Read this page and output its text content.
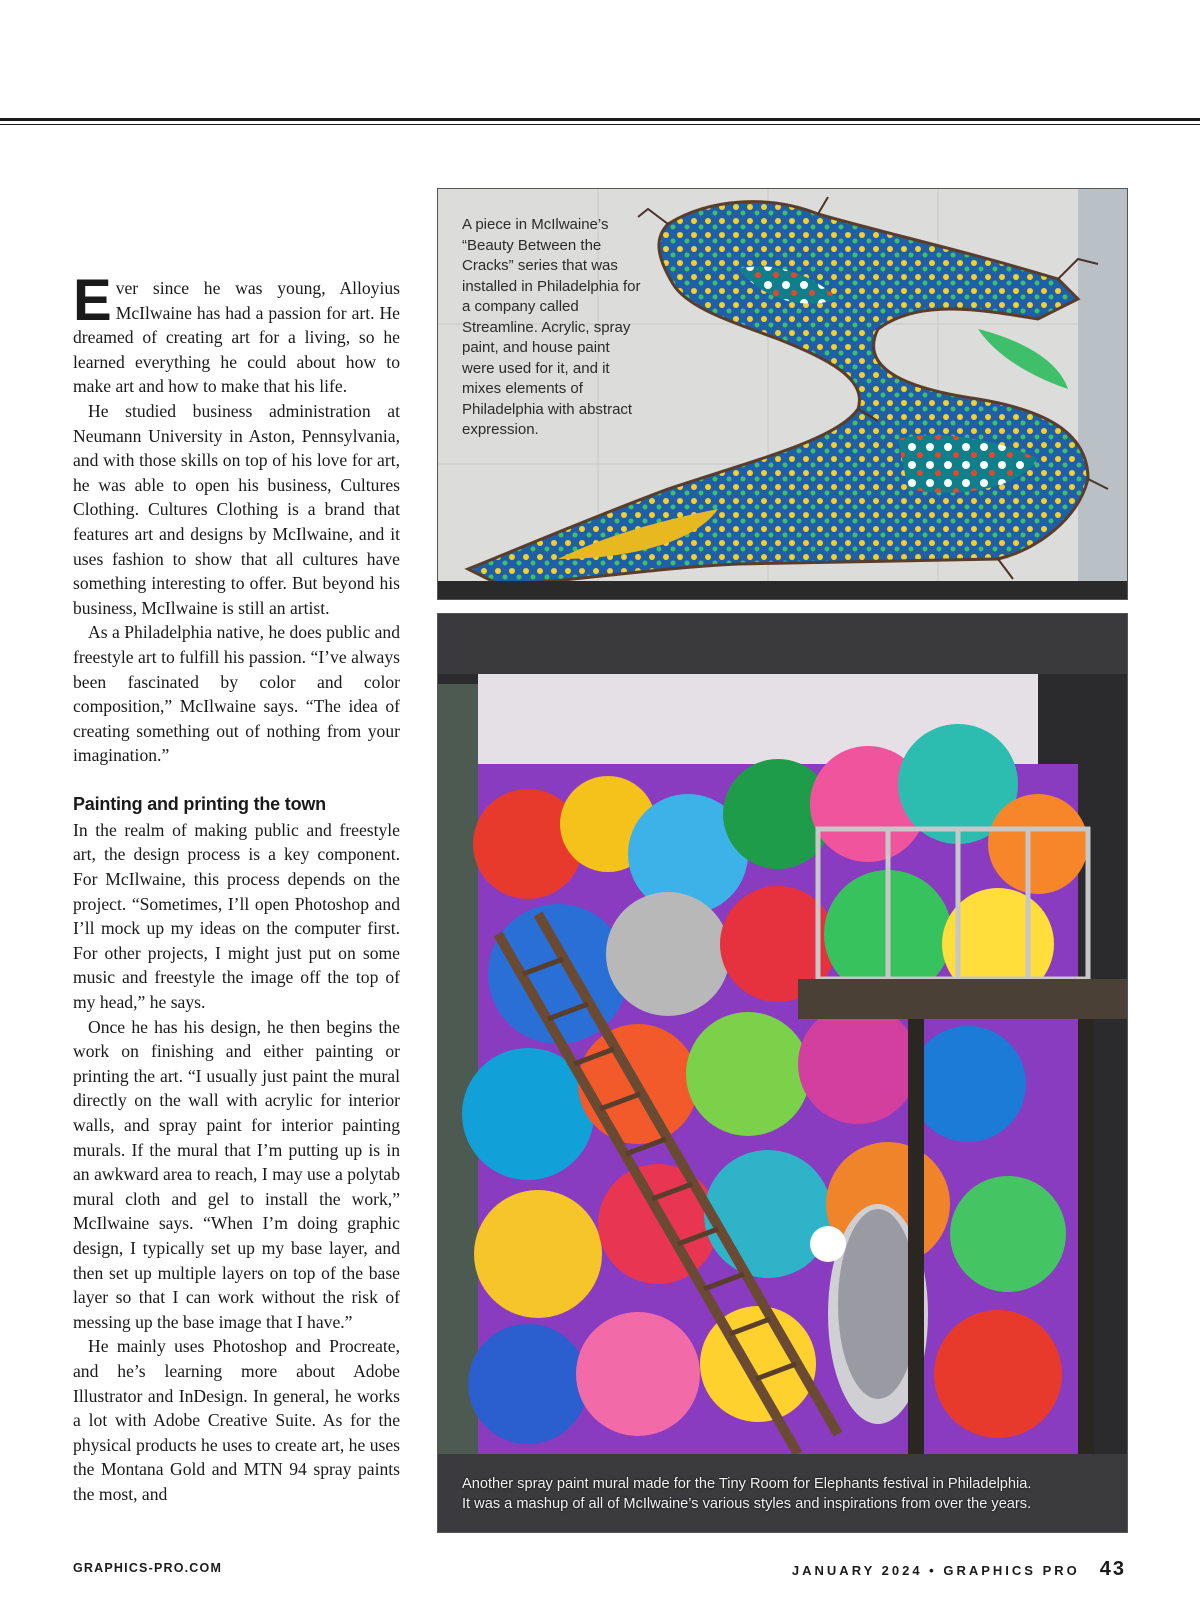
Ever since he was young, Alloyius McIlwaine has had a passion for art. He dreamed of creating art for a living, so he learned everything he could about how to make art and how to make that his life.

He studied business administration at Neumann University in Aston, Pennsylvania, and with those skills on top of his love for art, he was able to open his business, Cultures Clothing. Cultures Clothing is a brand that features art and designs by McIlwaine, and it uses fashion to show that all cultures have something interesting to offer. But beyond his business, McIlwaine is still an artist.

As a Philadelphia native, he does public and freestyle art to fulfill his passion. “I’ve always been fascinated by color and color composition,” McIlwaine says. “The idea of creating something out of nothing from your imagination.”

Painting and printing the town

In the realm of making public and freestyle art, the design process is a key component. For McIlwaine, this process depends on the project. “Sometimes, I’ll open Photoshop and I’ll mock up my ideas on the computer first. For other projects, I might just put on some music and freestyle the image off the top of my head,” he says.

Once he has his design, he then begins the work on finishing and either painting or printing the art. “I usually just paint the mural directly on the wall with acrylic for interior walls, and spray paint for interior painting murals. If the mural that I’m putting up is in an awkward area to reach, I may use a polytab mural cloth and gel to install the work,” McIlwaine says. “When I’m doing graphic design, I typically set up my base layer, and then set up multiple layers on top of the base layer so that I can work without the risk of messing up the base image that I have.”

He mainly uses Photoshop and Procreate, and he’s learning more about Adobe Illustrator and InDesign. In general, he works a lot with Adobe Creative Suite. As for the physical products he uses to create art, he uses the Montana Gold and MTN 94 spray paints the most, and

A piece in McIlwaine’s “Beauty Between the Cracks” series that was installed in Philadelphia for a company called Streamline. Acrylic, spray paint, and house paint were used for it, and it mixes elements of Philadelphia with abstract expression.
Another spray paint mural made for the Tiny Room for Elephants festival in Philadelphia.
It was a mashup of all of McIlwaine’s various styles and inspirations from over the years.
GRAPHICS-PRO.COM	JANUARY 2024 • GRAPHICS PRO 43
